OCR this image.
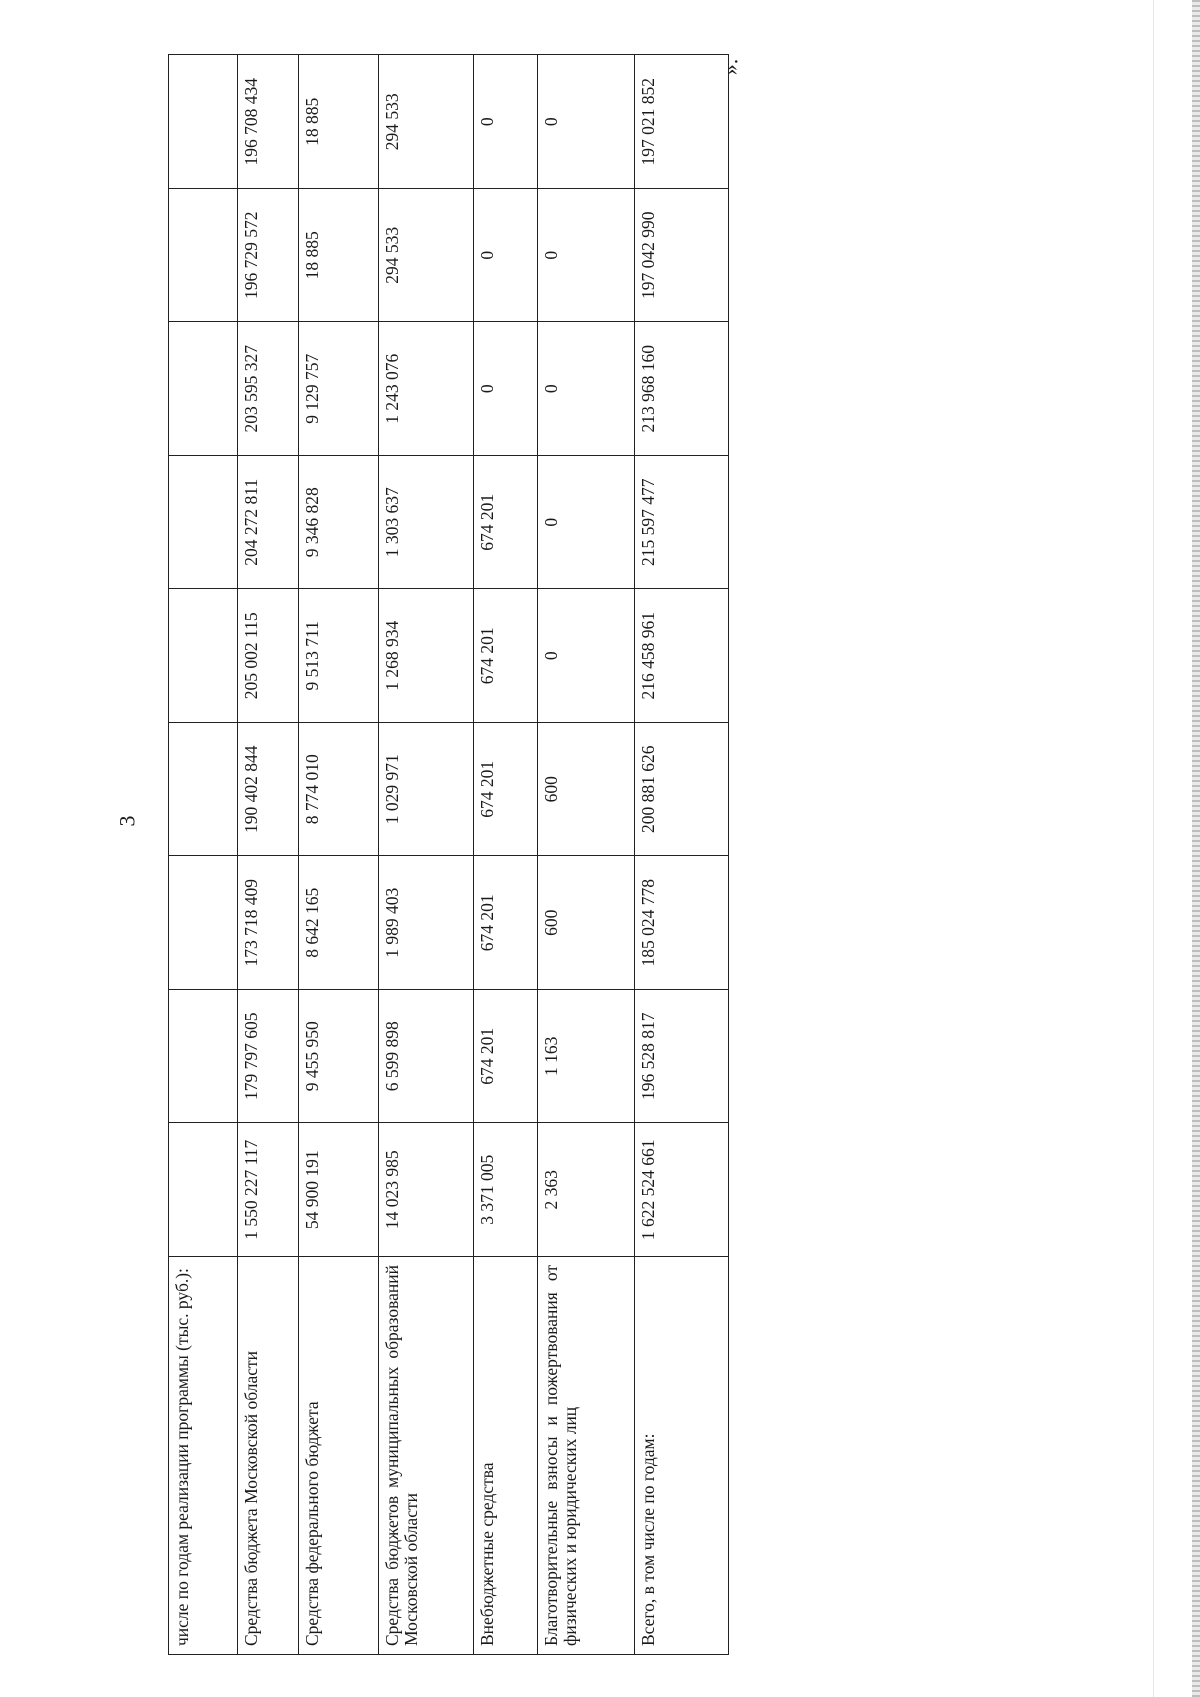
3
».
числе по годам реализации программы (тыс. руб.):									
Средства бюджета Московской области	1 550 227 117	179 797 605	173 718 409	190 402 844	205 002 115	204 272 811	203 595 327	196 729 572	196 708 434
Средства федерального бюджета	54 900 191	9 455 950	8 642 165	8 774 010	9 513 711	9 346 828	9 129 757	18 885	18 885
Средства бюджетов муниципальных образований Московской области	14 023 985	6 599 898	1 989 403	1 029 971	1 268 934	1 303 637	1 243 076	294 533	294 533
Внебюджетные средства	3 371 005	674 201	674 201	674 201	674 201	674 201	0	0	0
Благотворительные взносы и пожертвования от физических и юридических лиц	2 363	1 163	600	600	0	0	0	0	0
Всего, в том числе по годам:	1 622 524 661	196 528 817	185 024 778	200 881 626	216 458 961	215 597 477	213 968 160	197 042 990	197 021 852
